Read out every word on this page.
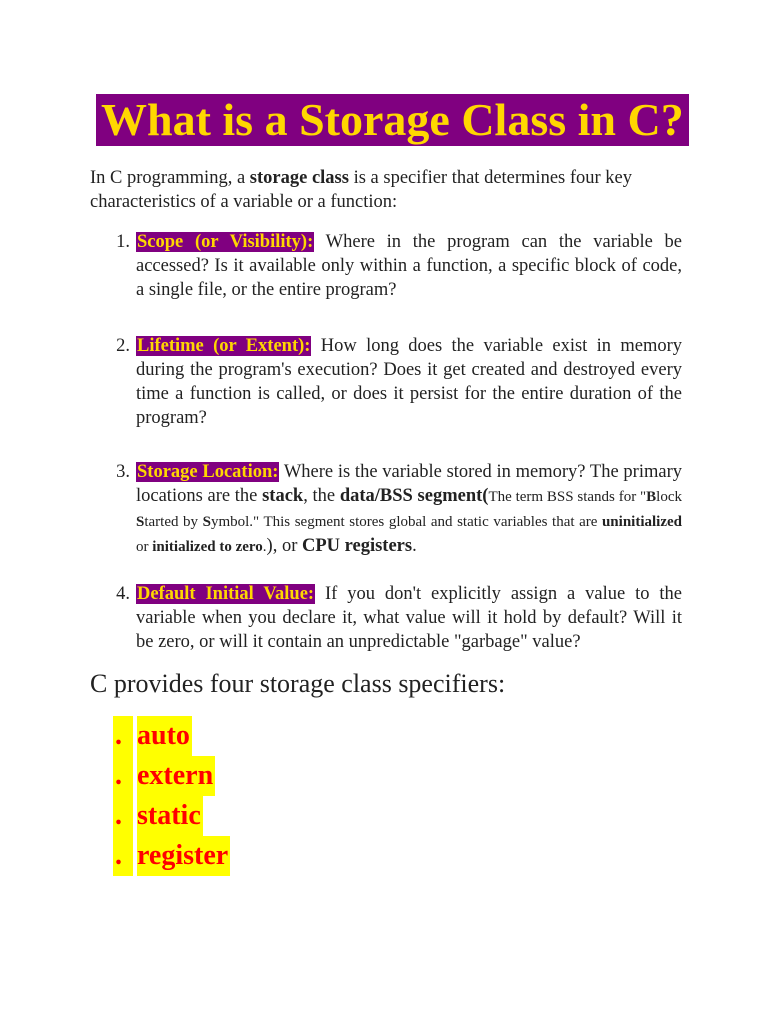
What is a Storage Class in C?

In C programming, a storage class is a specifier that determines four key characteristics of a variable or a function:

1. Scope (or Visibility): Where in the program can the variable be accessed? Is it available only within a function, a specific block of code, a single file, or the entire program?
2. Lifetime (or Extent): How long does the variable exist in memory during the program's execution? Does it get created and destroyed every time a function is called, or does it persist for the entire duration of the program?
3. Storage Location: Where is the variable stored in memory? The primary locations are the stack, the data/BSS segment(The term BSS stands for "Block Started by Symbol." This segment stores global and static variables that are uninitialized or initialized to zero.), or CPU registers.
4. Default Initial Value: If you don't explicitly assign a value to the variable when you declare it, what value will it hold by default? Will it be zero, or will it contain an unpredictable "garbage" value?
C provides four storage class specifiers:
. auto
. extern
. static
. register
